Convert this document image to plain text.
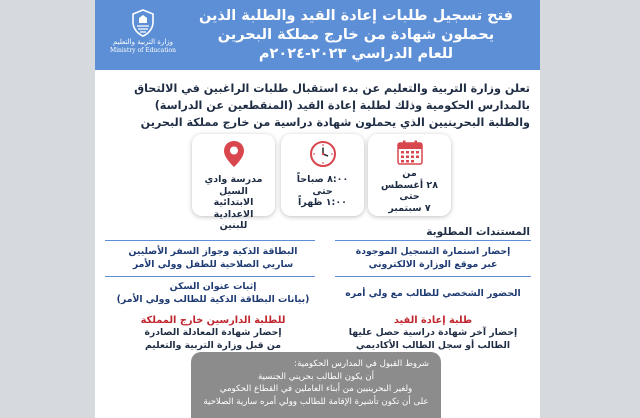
وزارة التربية والتعليم
Ministry of Education
فتح تسجيل طلبات إعادة القيد والطلبة الذين
يحملون شهادة من خارج مملكة البحرين
للعام الدراسي ٢٠٢٣-٢٠٢٤م
تعلن وزارة التربية والتعليم عن بدء استقبال طلبات الراغبين في الالتحاق
بالمدارس الحكومية وذلك لطلبة إعادة القيد (المنقطعين عن الدراسة)
والطلبة البحرينيين الذي يحملون شهادة دراسية من خارج مملكة البحرين
من
٢٨ أغسطس
حتى
٧ سبتمبر
٨:٠٠ صباحاً
حتى
١:٠٠ ظهراً
مدرسة وادي السيل
الابتدائية الاعدادية
للبنين
المستندات المطلوبة
إحضار استمارة التسجيل الموجودة
عبر موقع الوزارة الالكتروني
البطاقة الذكية وجواز السفر الأصليين
ساريي الصلاحية للطفل وولي الأمر
الحضور الشخصي للطالب مع ولي أمره
إثبات عنوان السكن
(بيانات البطاقة الذكية للطالب وولي الأمر)
طلبة إعادة القيد
إحضار آخر شهادة دراسية حصل عليها
الطالب أو سجل الطالب الأكاديمي
للطلبة الدارسين خارج المملكة
إحضار شهادة المعادلة الصادرة
من قبل وزارة التربية والتعليم
شروط القبول في المدارس الحكومية:
أن يكون الطالب بحريني الجنسية
ولغير البحرينيين من أبناء العاملين في القطاع الحكومي
على أن تكون تأشيرة الإقامة للطالب وولي أمره سارية الصلاحية
